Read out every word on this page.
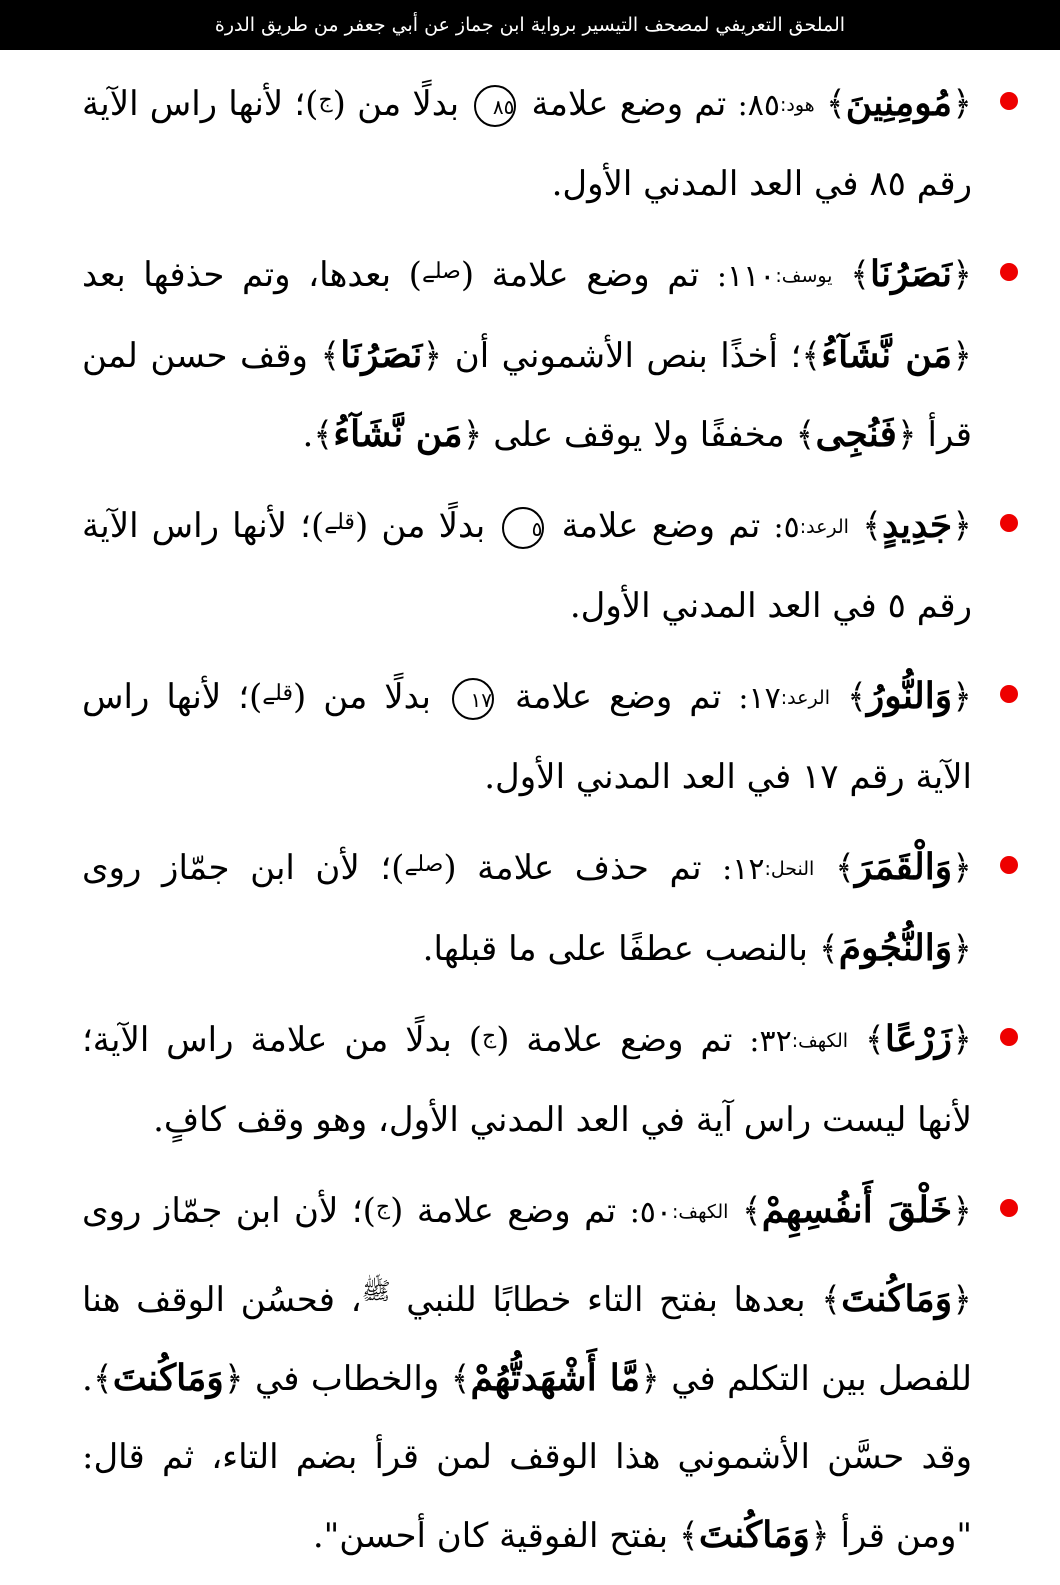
الملحق التعريفي لمصحف التيسير برواية ابن جماز عن أبي جعفر من طريق الدرة
﴿مُومِنِينَ﴾ هود:٨٥: تم وضع علامة ٨٥ بدلًا من ($^ج$)؛ لأنها راس الآية رقم ٨٥ في العد المدني الأول.
﴿نَصَرُنَا﴾ يوسف:١١٠: تم وضع علامة ($^{صلے}$) بعدها، وتم حذفها بعد ﴿مَن نَّشَآءُ﴾؛ أخذًا بنص الأشموني أن ﴿نَصَرُنَا﴾ وقف حسن لمن قرأ ﴿فَنُجِى﴾ مخففًا ولا يوقف على ﴿مَن نَّشَآءُ﴾.
﴿جَدِيدٍ﴾ الرعد:٥: تم وضع علامة ٥ بدلًا من ($^{قلے}$)؛ لأنها راس الآية رقم ٥ في العد المدني الأول.
﴿وَالنُّورُ﴾ الرعد:١٧: تم وضع علامة ١٧ بدلًا من ($^{قلے}$)؛ لأنها راس الآية رقم ١٧ في العد المدني الأول.
﴿وَالْقَمَرَ﴾ النحل:١٢: تم حذف علامة ($^{صلے}$)؛ لأن ابن جمّاز روى ﴿وَالنُّجُومَ﴾ بالنصب عطفًا على ما قبلها.
﴿زَرْعًا﴾ الكهف:٣٢: تم وضع علامة ($^ج$) بدلًا من علامة راس الآية؛ لأنها ليست راس آية في العد المدني الأول، وهو وقف كافٍ.
﴿خَلْقَ أَنفُسِهِمْ﴾ الكهف:٥٠: تم وضع علامة ($^ج$)؛ لأن ابن جمّاز روى ﴿وَمَاكُنتَ﴾ بعدها بفتح التاء خطابًا للنبي $^ﷺ$، فحسُن الوقف هنا للفصل بين التكلم في ﴿مَّا أَشْهَدتُّهُمْ﴾ والخطاب في ﴿وَمَاكُنتَ﴾. وقد حسَّن الأشموني هذا الوقف لمن قرأ بضم التاء، ثم قال: "ومن قرأ ﴿وَمَاكُنتَ﴾ بفتح الفوقية كان أحسن".
